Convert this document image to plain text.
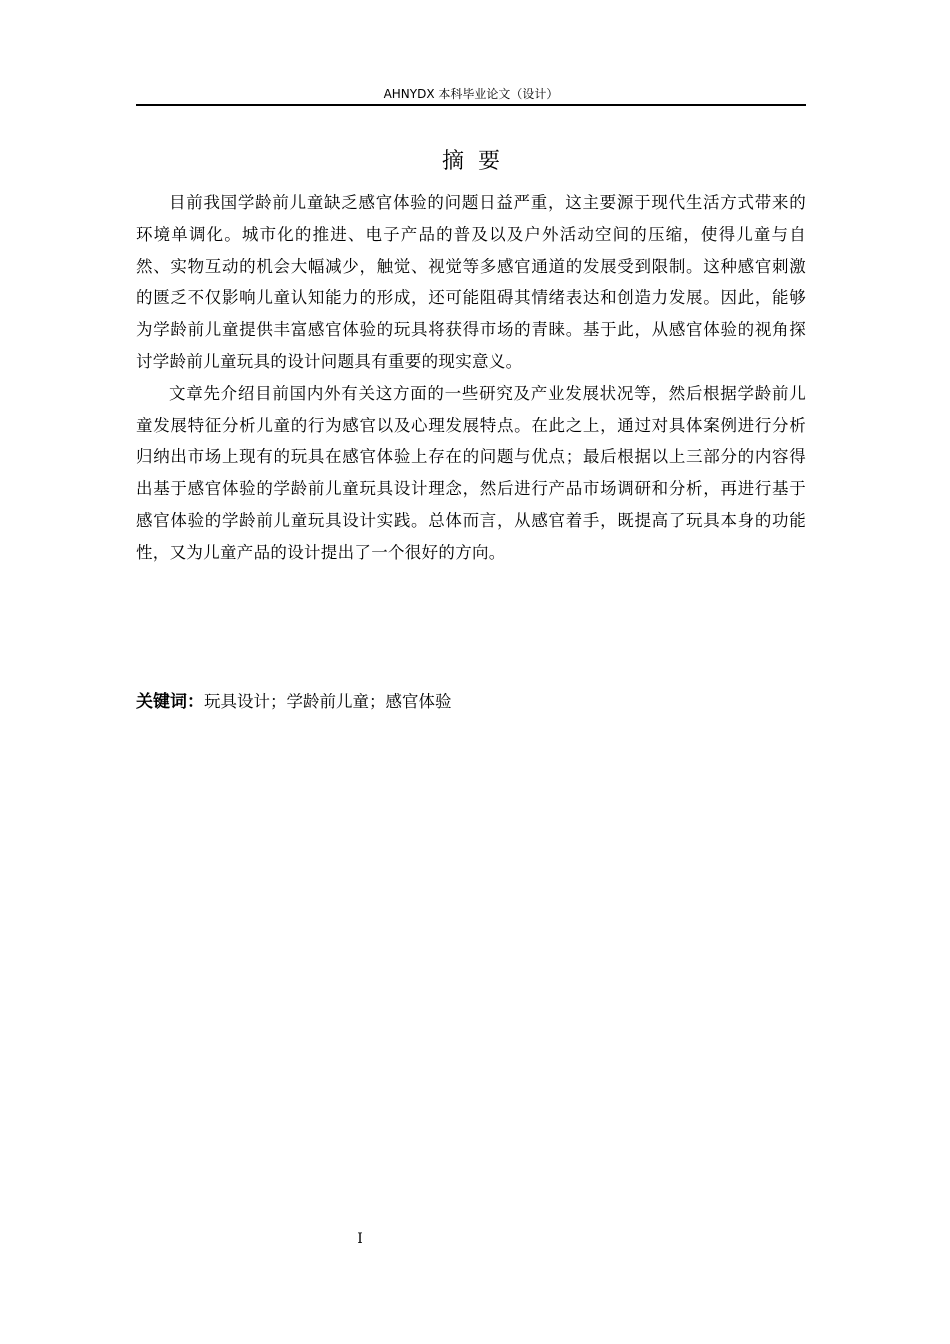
AHNYDX 本科毕业论文（设计）
摘要

目前我国学龄前儿童缺乏感官体验的问题日益严重，这主要源于现代生活方式带来的环境单调化。城市化的推进、电子产品的普及以及户外活动空间的压缩，使得儿童与自然、实物互动的机会大幅减少，触觉、视觉等多感官通道的发展受到限制。这种感官刺激的匮乏不仅影响儿童认知能力的形成，还可能阻碍其情绪表达和创造力发展。因此，能够为学龄前儿童提供丰富感官体验的玩具将获得市场的青睐。基于此，从感官体验的视角探讨学龄前儿童玩具的设计问题具有重要的现实意义。

文章先介绍目前国内外有关这方面的一些研究及产业发展状况等，然后根据学龄前儿童发展特征分析儿童的行为感官以及心理发展特点。在此之上，通过对具体案例进行分析归纳出市场上现有的玩具在感官体验上存在的问题与优点；最后根据以上三部分的内容得出基于感官体验的学龄前儿童玩具设计理念，然后进行产品市场调研和分析，再进行基于感官体验的学龄前儿童玩具设计实践。总体而言，从感官着手，既提高了玩具本身的功能性，又为儿童产品的设计提出了一个很好的方向。

关键词：玩具设计；学龄前儿童；感官体验
I
